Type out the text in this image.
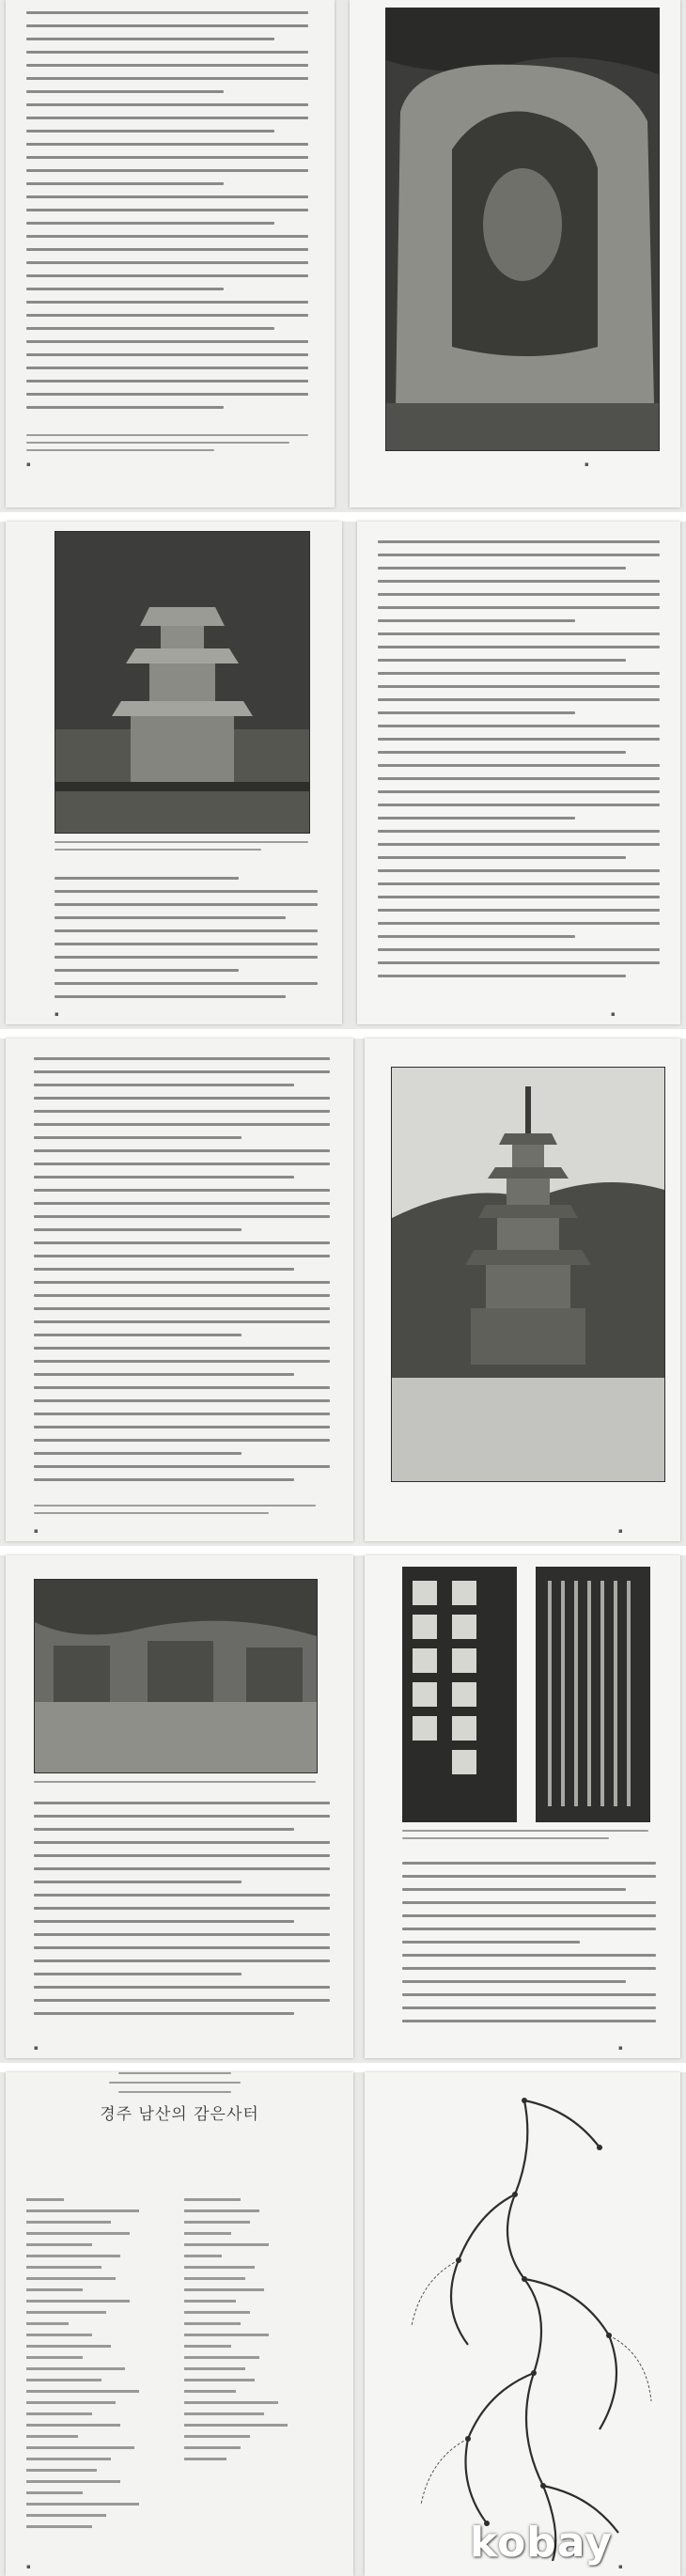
▪	▪
▪	▪
▪	▪
▪	▪
경주 남산의 감은사터
▪	▪
kobay
